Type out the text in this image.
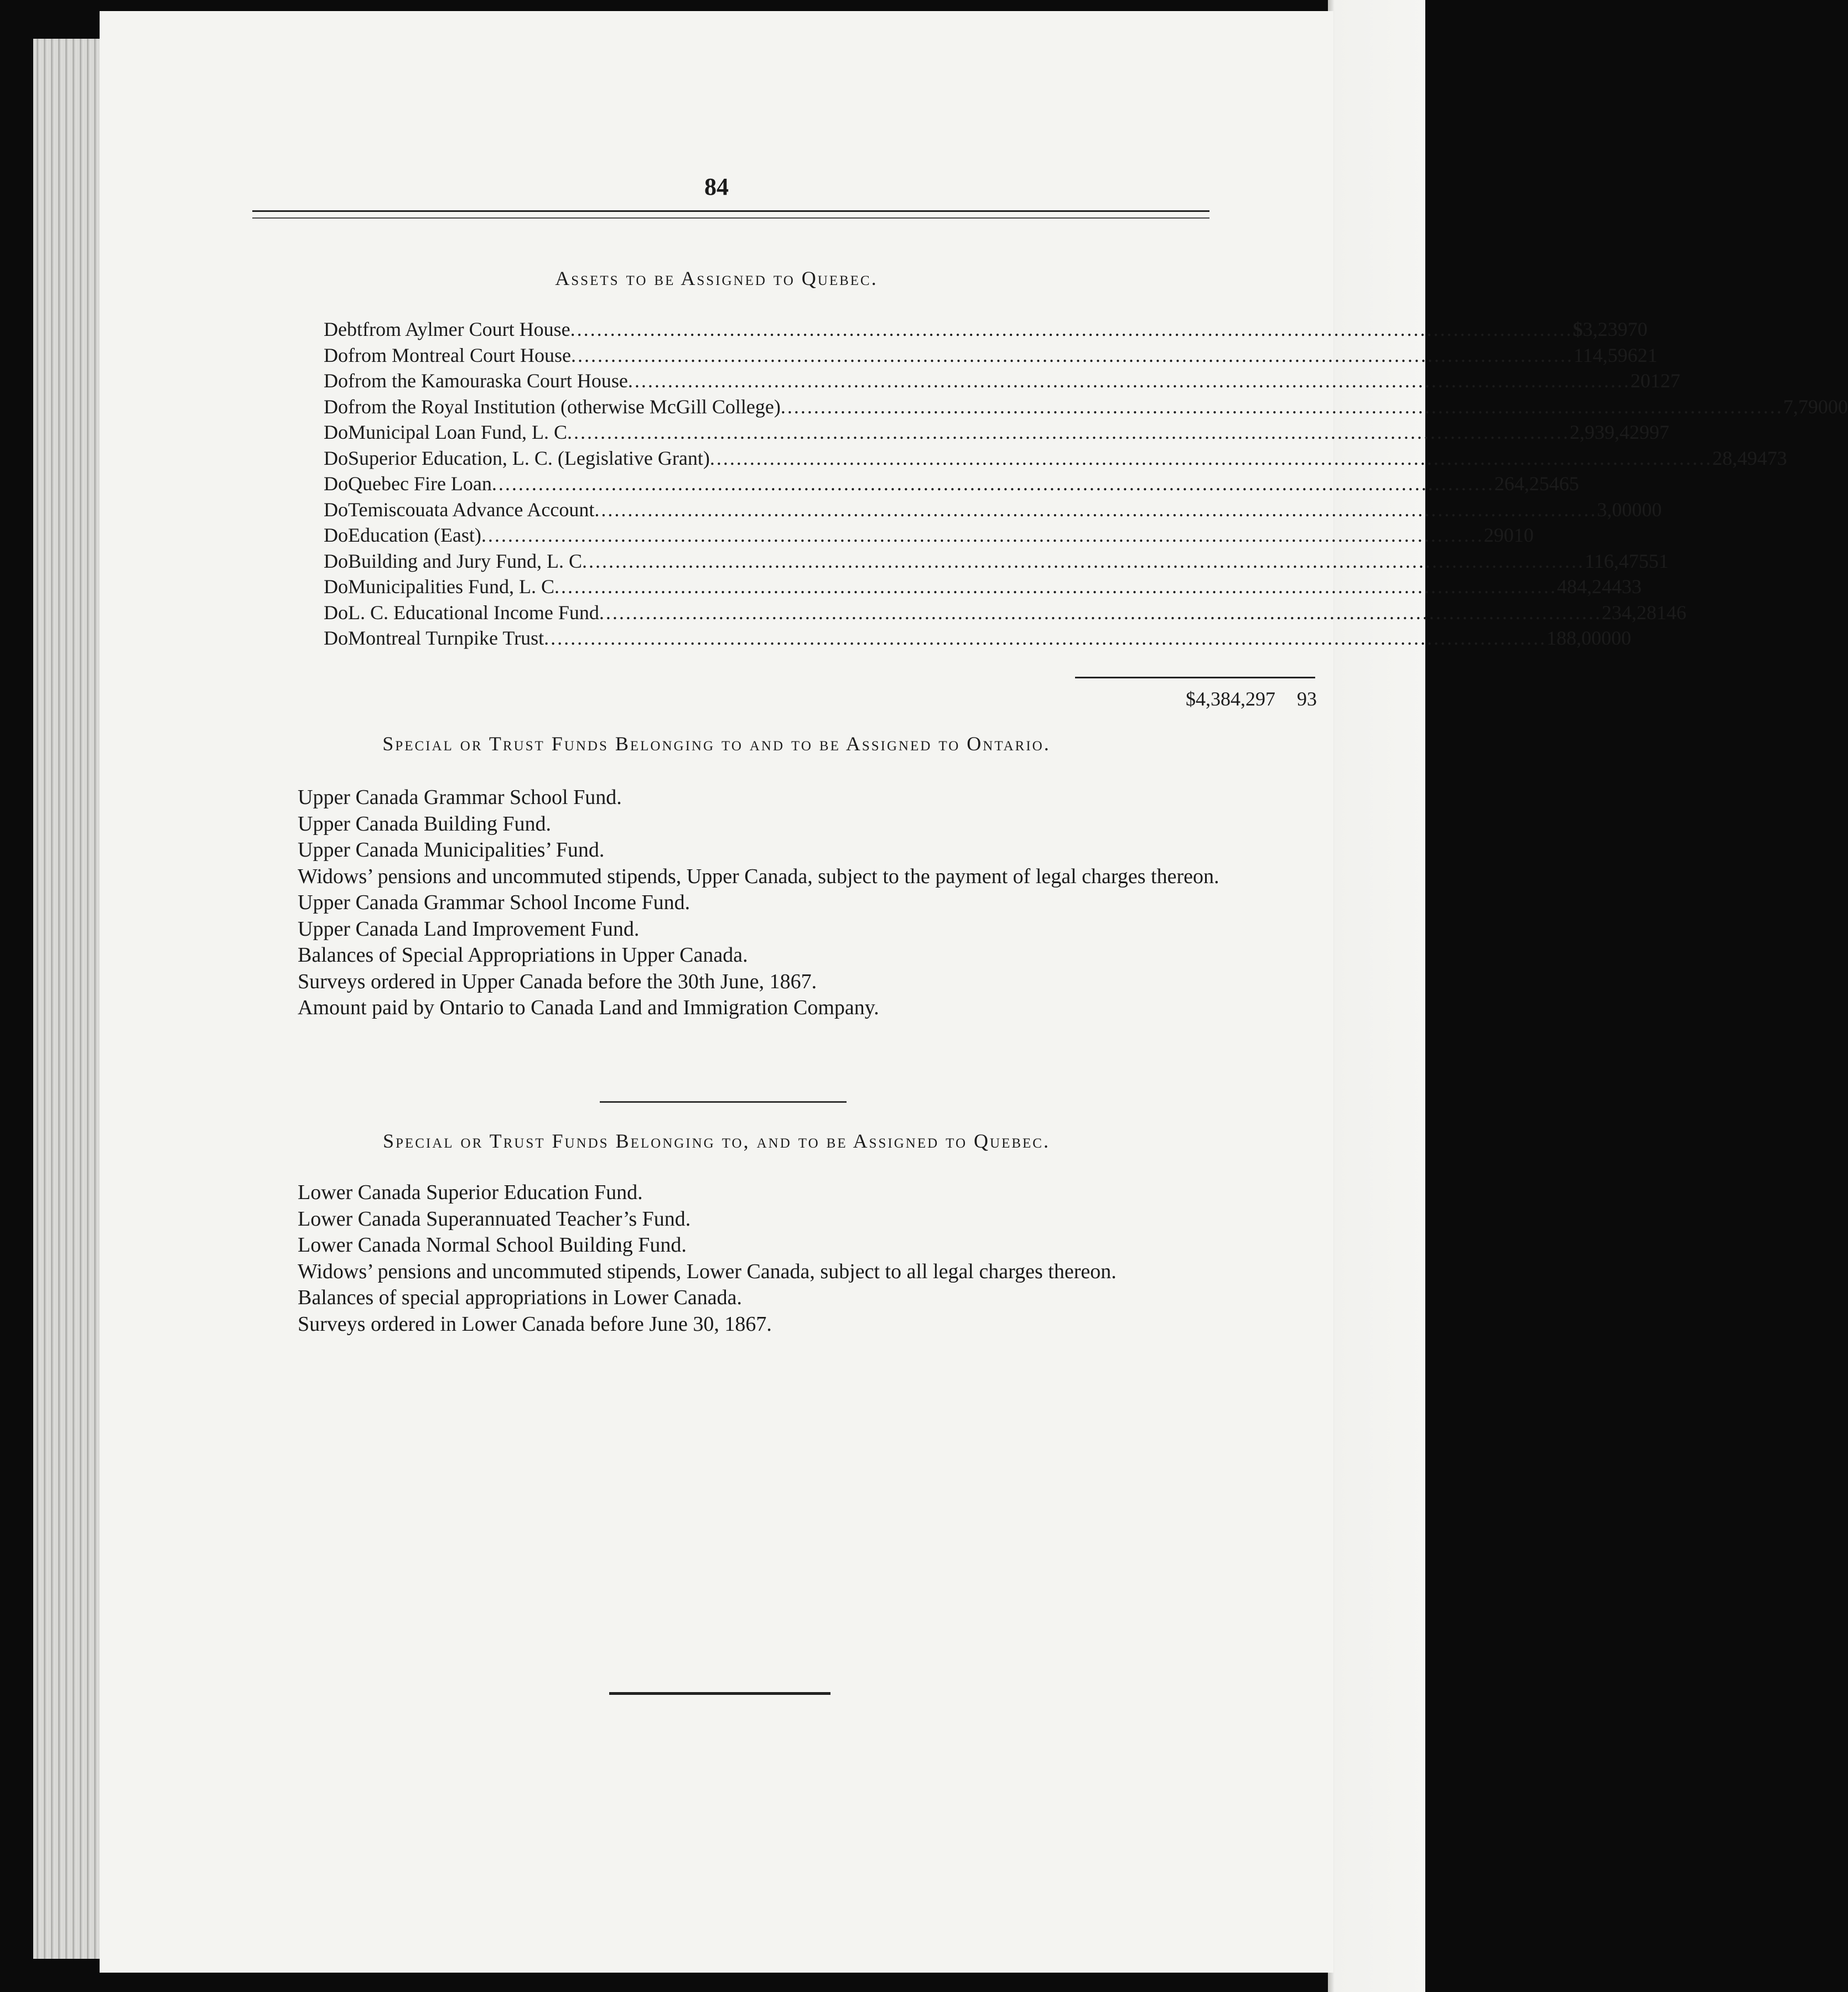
84
Assets to be Assigned to Quebec.
Debt from Aylmer Court House ....................................................................................................................................................... $ 3,239 70
Do from Montreal Court House ....................................................................................................................................................... 114,596 21
Do from the Kamouraska Court House ....................................................................................................................................................... 201 27
Do from the Royal Institution (otherwise McGill College) ....................................................................................................................................................... 7,790 00
Do Municipal Loan Fund, L. C ....................................................................................................................................................... 2,939,429 97
Do Superior Education, L. C. (Legislative Grant) ....................................................................................................................................................... 28,494 73
Do Quebec Fire Loan ....................................................................................................................................................... 264,254 65
Do Temiscouata Advance Account ....................................................................................................................................................... 3,000 00
Do Education (East) ....................................................................................................................................................... 290 10
Do Building and Jury Fund, L. C ....................................................................................................................................................... 116,475 51
Do Municipalities Fund, L. C ....................................................................................................................................................... 484,244 33
Do L. C. Educational Income Fund ....................................................................................................................................................... 234,281 46
Do Montreal Turnpike Trust ....................................................................................................................................................... 188,000 00
$4,384,297	93
Special or Trust Funds Belonging to and to be Assigned to Ontario.
Upper Canada Grammar School Fund.
Upper Canada Building Fund.
Upper Canada Municipalities’ Fund.
Widows’ pensions and uncommuted stipends, Upper Canada, subject to the payment of legal charges thereon.
Upper Canada Grammar School Income Fund.
Upper Canada Land Improvement Fund.
Balances of Special Appropriations in Upper Canada.
Surveys ordered in Upper Canada before the 30th June, 1867.
Amount paid by Ontario to Canada Land and Immigration Company.
Special or Trust Funds Belonging to, and to be Assigned to Quebec.
Lower Canada Superior Education Fund.
Lower Canada Superannuated Teacher’s Fund.
Lower Canada Normal School Building Fund.
Widows’ pensions and uncommuted stipends, Lower Canada, subject to all legal charges thereon.
Balances of special appropriations in Lower Canada.
Surveys ordered in Lower Canada before June 30, 1867.
